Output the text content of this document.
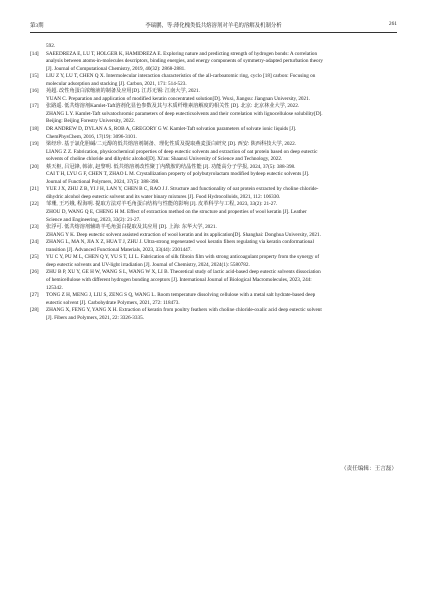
第3期	李瑞鹏，等:薄化槐类低共熔溶剂对羊毛的溶解及机制分析	261
592.
[14]	SAEEDREZA E, LU T, HOLGER K, HAMIDREZA E. Exploring nature and predicting strength of hydrogen bonds: A correlation
analysis between atoms-in-molecules descriptors, binding energies, and energy components of symmetry-adapted perturbation theory
[J]. Journal of Computational Chemistry, 2019, 40(32): 2868-2881.
[15]	LIU Z Y, LU T, CHEN Q X. Intermolecular interaction characteristics of the all-carboatomic ring, cyclo [18] carbon: Focusing on
molecular adsorption and stacking [J]. Carbon, 2021, 171: 514-523.
[16]	苑超. 改性角蛋白浓缩液的制备及应用[D]. 江苏无锡: 江南大学, 2021.
YUAN C. Preparation and application of modified keratin concentrated solution[D]. Wuxi, Jiangsu: Jiangnan University, 2021.
[17]	张路遥. 低共熔溶剂Kamlet-Taft溶剂化显色参数及其与木质纤维素溶解度的相关性 [D]. 北京: 北京林业大学, 2022.
ZHANG L Y. Kamlet-Taft solvatochromic parameters of deep eutecticsolvents and their correlation with lignocellulose solubility[D].
Beijing: Beijing Forestry University, 2022.
[18]	DR ANDREW D, DYLAN A S, ROB A, GREGORY G W. Kamlet-Taft solvation parameters of solvate ionic liquids [J].
ChemPhysChem, 2016, 17(19): 3096-3101.
[19]	梁经珍. 基于氯化胆碱/二元醇的低共熔溶剂制备、理化性质及提取燕麦蛋白研究 [D]. 西安: 陕西科技大学, 2022.
LIANG Z Z. Fabrication, physicochemical properties of deep eutectic solvents and extraction of oat protein based on deep eutectic
solvents of choline chloride and dihydric alcohol[D]. Xi'an: Shaanxi University of Science and Technology, 2022.
[20]	蔡天枢, 吕冠锋, 韩沛, 赵黎明. 低共熔溶剂改性聚丁内酰胺的结晶性能 [J]. 功能高分子学报, 2024, 37(5): 388-398.
CAI T H, LYU G F, CHEN T, ZHAO L M. Crystallization property of polybutyrolactam modified bydeep eutectic solvents [J].
Journal of Functional Polymers, 2024, 37(5): 388-398.
[21]	YUE J X, ZHU Z B, YI J H, LAN Y, CHEN B C, RAO J J. Structure and functionality of oat protein extracted by choline chloride-
dihydric alcohol deep eutectic solvent and its water binary mixtures [J]. Food Hydrocolloids, 2021, 112: 106330.
[22]	邹珊, 王巧娥, 程海明. 提取方法对羊毛角蛋白结构与性能的影响 [J]. 皮革科学与工程, 2023, 33(2): 21-27.
ZHOU D, WANG Q E, CHENG H M. Effect of extraction method on the structure and properties of wool keratin [J]. Leather
Science and Engineering, 2023, 33(2): 21-27.
[23]	张浮可. 低共熔溶剂辅助羊毛角蛋白提取及其应用 [D]. 上海: 东华大学, 2021.
ZHANG Y K. Deep eutectic solvent assisted extraction of wool keratin and its application[D]. Shanghai: Donghua University, 2021.
[24]	ZHANG L, MA N, JIA X Z, HUA T J, ZHU J. Ultra-strong regenerated wool keratin fibers regulating via keratin conformational
transition [J]. Advanced Functional Materials, 2023, 33(44): 2301447.
[25]	YU C Y, PU M L, CHEN Q Y, YU S T, LI L. Fabrication of silk fibroin film with strong anticoagulant property from the synergy of
deep eutectic solvents and UV-light irradiation [J]. Journal of Chemistry, 2024, 2024(1): 5580782.
[26]	ZHU B P, XU Y, GE H W, WANG S L, WANG W X, LI B. Theoretical study of lactic acid-based deep eutectic solvents dissociation
of hemicellulose with different hydrogen bonding acceptors [J]. International Journal of Biological Macromolecules, 2023, 244:
125342.
[27]	TONG Z H, MENG J, LIU S, ZENG S Q, WANG L. Room temperature dissolving cellulose with a metal salt hydrate-based deep
eutectic solvent [J]. Carbohydrate Polymers, 2021, 272: 118473.
[28]	ZHANG X, FENG Y, YANG X H. Extraction of keratin from poultry feathers with choline chloride-oxalic acid deep eutectic solvent
[J]. Fibers and Polymers, 2021, 22: 3326-3335.
（责任编辑：王言磊）
